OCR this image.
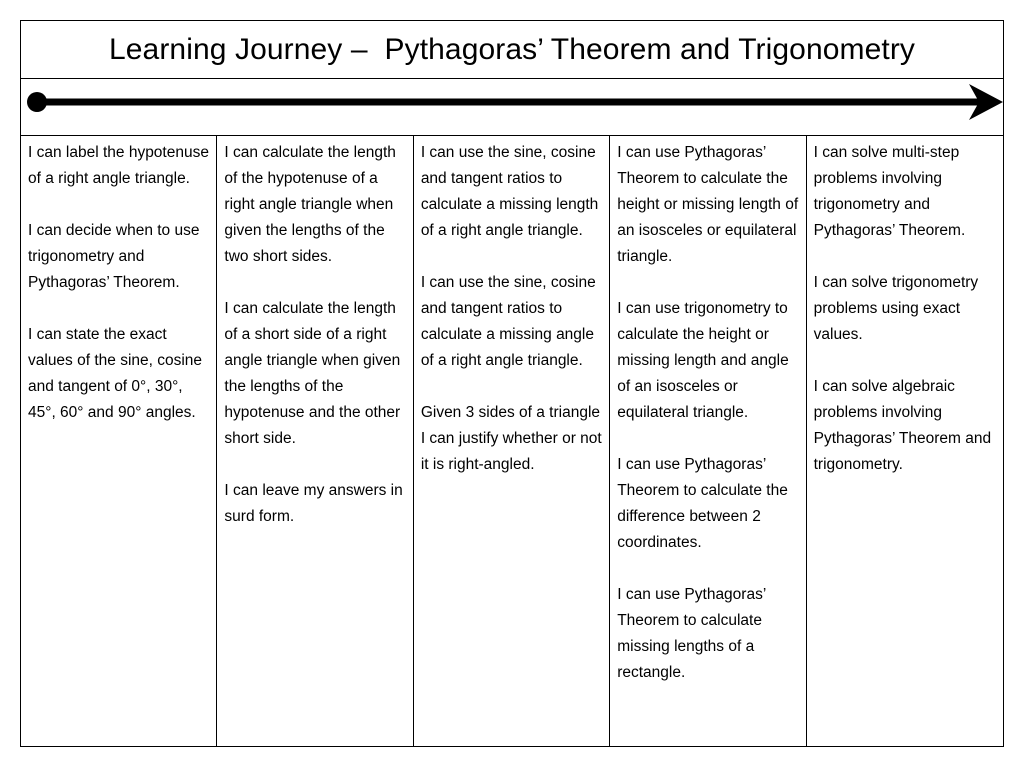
Learning Journey –  Pythagoras’ Theorem and Trigonometry

I can label the hypotenuse of a right angle triangle.

I can decide when to use trigonometry and Pythagoras’ Theorem.

I can state the exact values of the sine, cosine and tangent of 0°, 30°, 45°, 60° and 90° angles.

I can calculate the length of the hypotenuse of a right angle triangle when given the lengths of the two short sides.

I can calculate the length of a short side of a right angle triangle when given the lengths of the hypotenuse and the other short side.

I can leave my answers in surd form.

I can use the sine, cosine and tangent ratios to calculate a missing length of a right angle triangle.

I can use the sine, cosine and tangent ratios to calculate a missing angle of a right angle triangle.

Given 3 sides of a triangle I can justify whether or not it is right-angled.

I can use Pythagoras’ Theorem to calculate the height or missing length of an isosceles or equilateral triangle.

I can use trigonometry to calculate the height or missing length and angle of an isosceles or equilateral triangle.

I can use Pythagoras’ Theorem to calculate the difference between 2 coordinates.

I can use Pythagoras’ Theorem to calculate missing lengths of a rectangle.

I can solve multi-step problems involving trigonometry and Pythagoras’ Theorem.

I can solve trigonometry problems using exact values.

I can solve algebraic problems involving Pythagoras’ Theorem and trigonometry.
